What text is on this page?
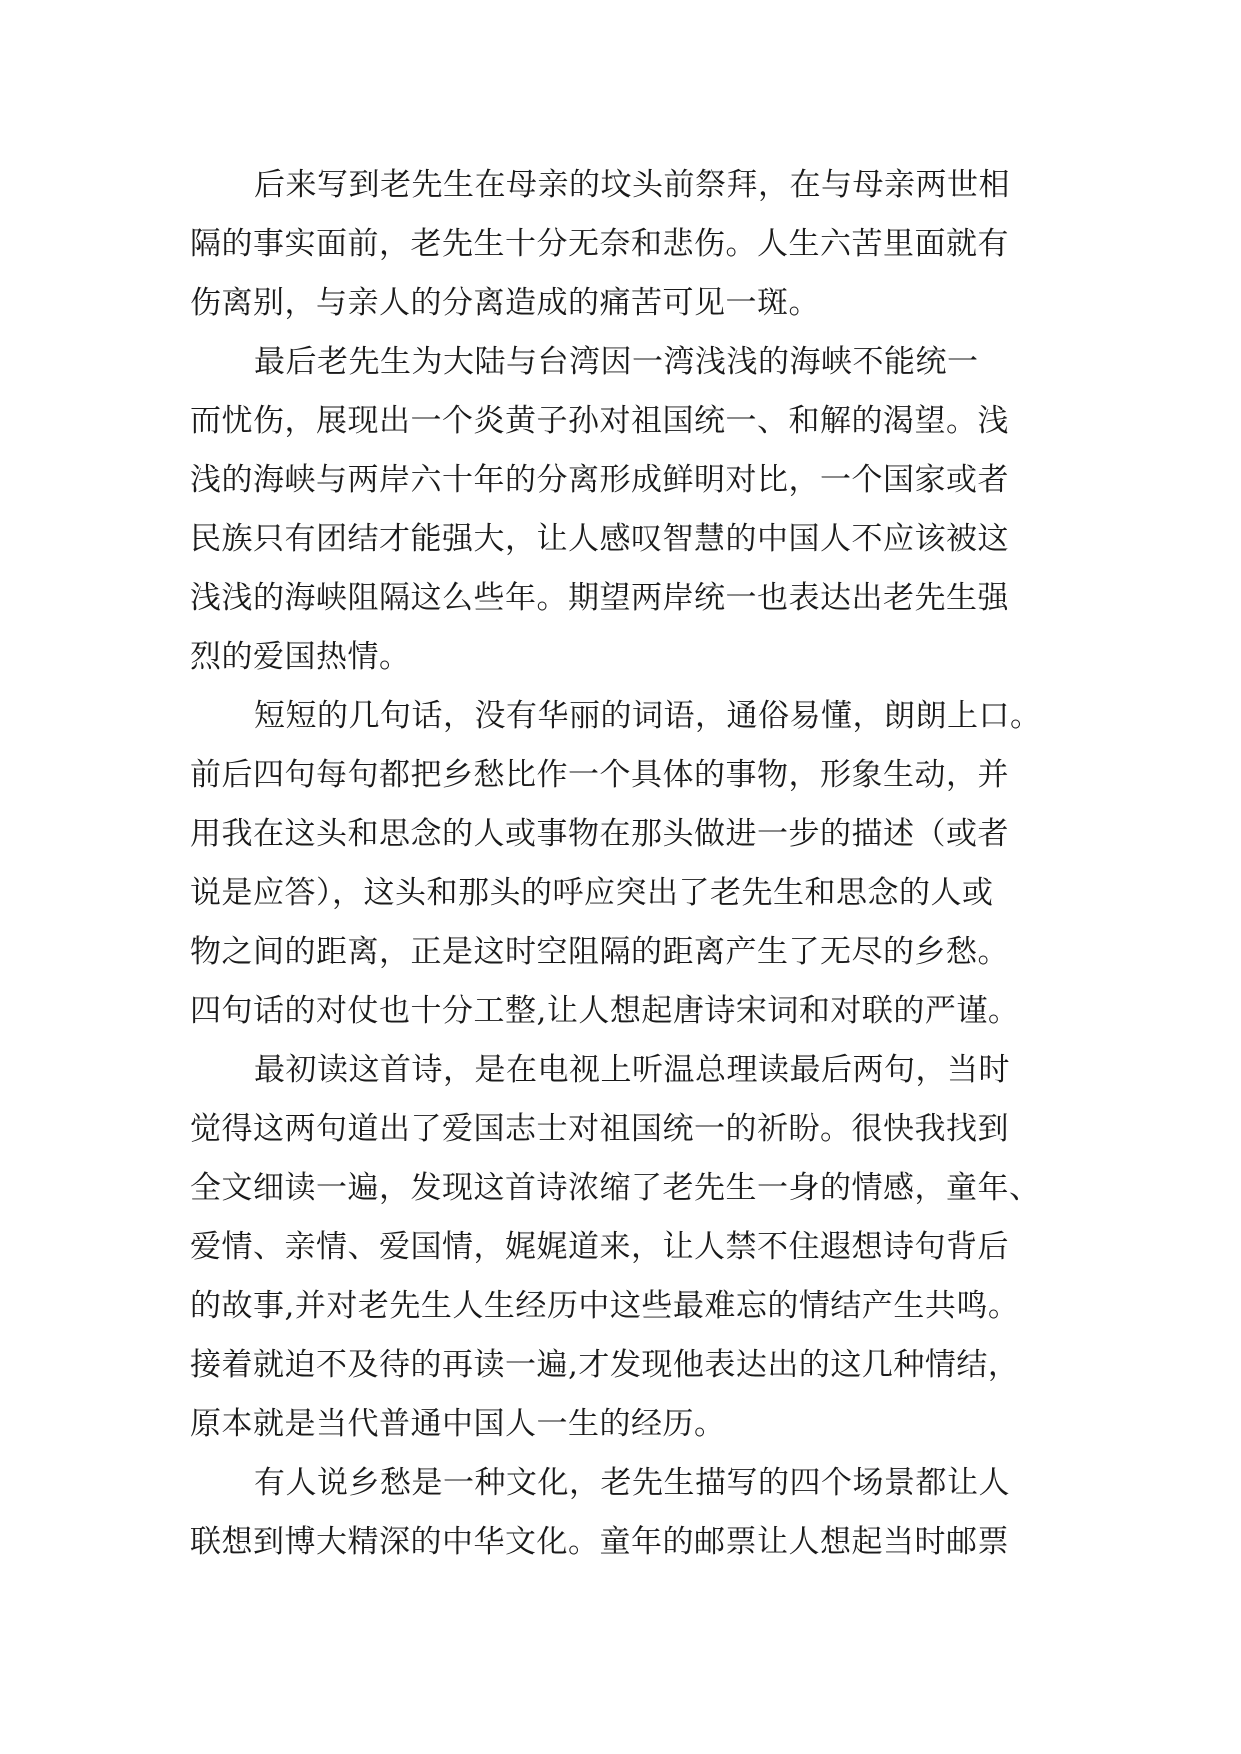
后来写到老先生在母亲的坟头前祭拜，在与母亲两世相
隔的事实面前，老先生十分无奈和悲伤。人生六苦里面就有
伤离别，与亲人的分离造成的痛苦可见一斑。
最后老先生为大陆与台湾因一湾浅浅的海峡不能统一
而忧伤，展现出一个炎黄子孙对祖国统一、和解的渴望。浅
浅的海峡与两岸六十年的分离形成鲜明对比，一个国家或者
民族只有团结才能强大，让人感叹智慧的中国人不应该被这
浅浅的海峡阻隔这么些年。期望两岸统一也表达出老先生强
烈的爱国热情。
短短的几句话，没有华丽的词语，通俗易懂，朗朗上口。
前后四句每句都把乡愁比作一个具体的事物，形象生动，并
用我在这头和思念的人或事物在那头做进一步的描述（或者
说是应答），这头和那头的呼应突出了老先生和思念的人或
物之间的距离，正是这时空阻隔的距离产生了无尽的乡愁。
四句话的对仗也十分工整,让人想起唐诗宋词和对联的严谨。
最初读这首诗，是在电视上听温总理读最后两句，当时
觉得这两句道出了爱国志士对祖国统一的祈盼。很快我找到
全文细读一遍，发现这首诗浓缩了老先生一身的情感，童年、
爱情、亲情、爱国情，娓娓道来，让人禁不住遐想诗句背后
的故事,并对老先生人生经历中这些最难忘的情结产生共鸣。
接着就迫不及待的再读一遍,才发现他表达出的这几种情结，
原本就是当代普通中国人一生的经历。
有人说乡愁是一种文化，老先生描写的四个场景都让人
联想到博大精深的中华文化。童年的邮票让人想起当时邮票
